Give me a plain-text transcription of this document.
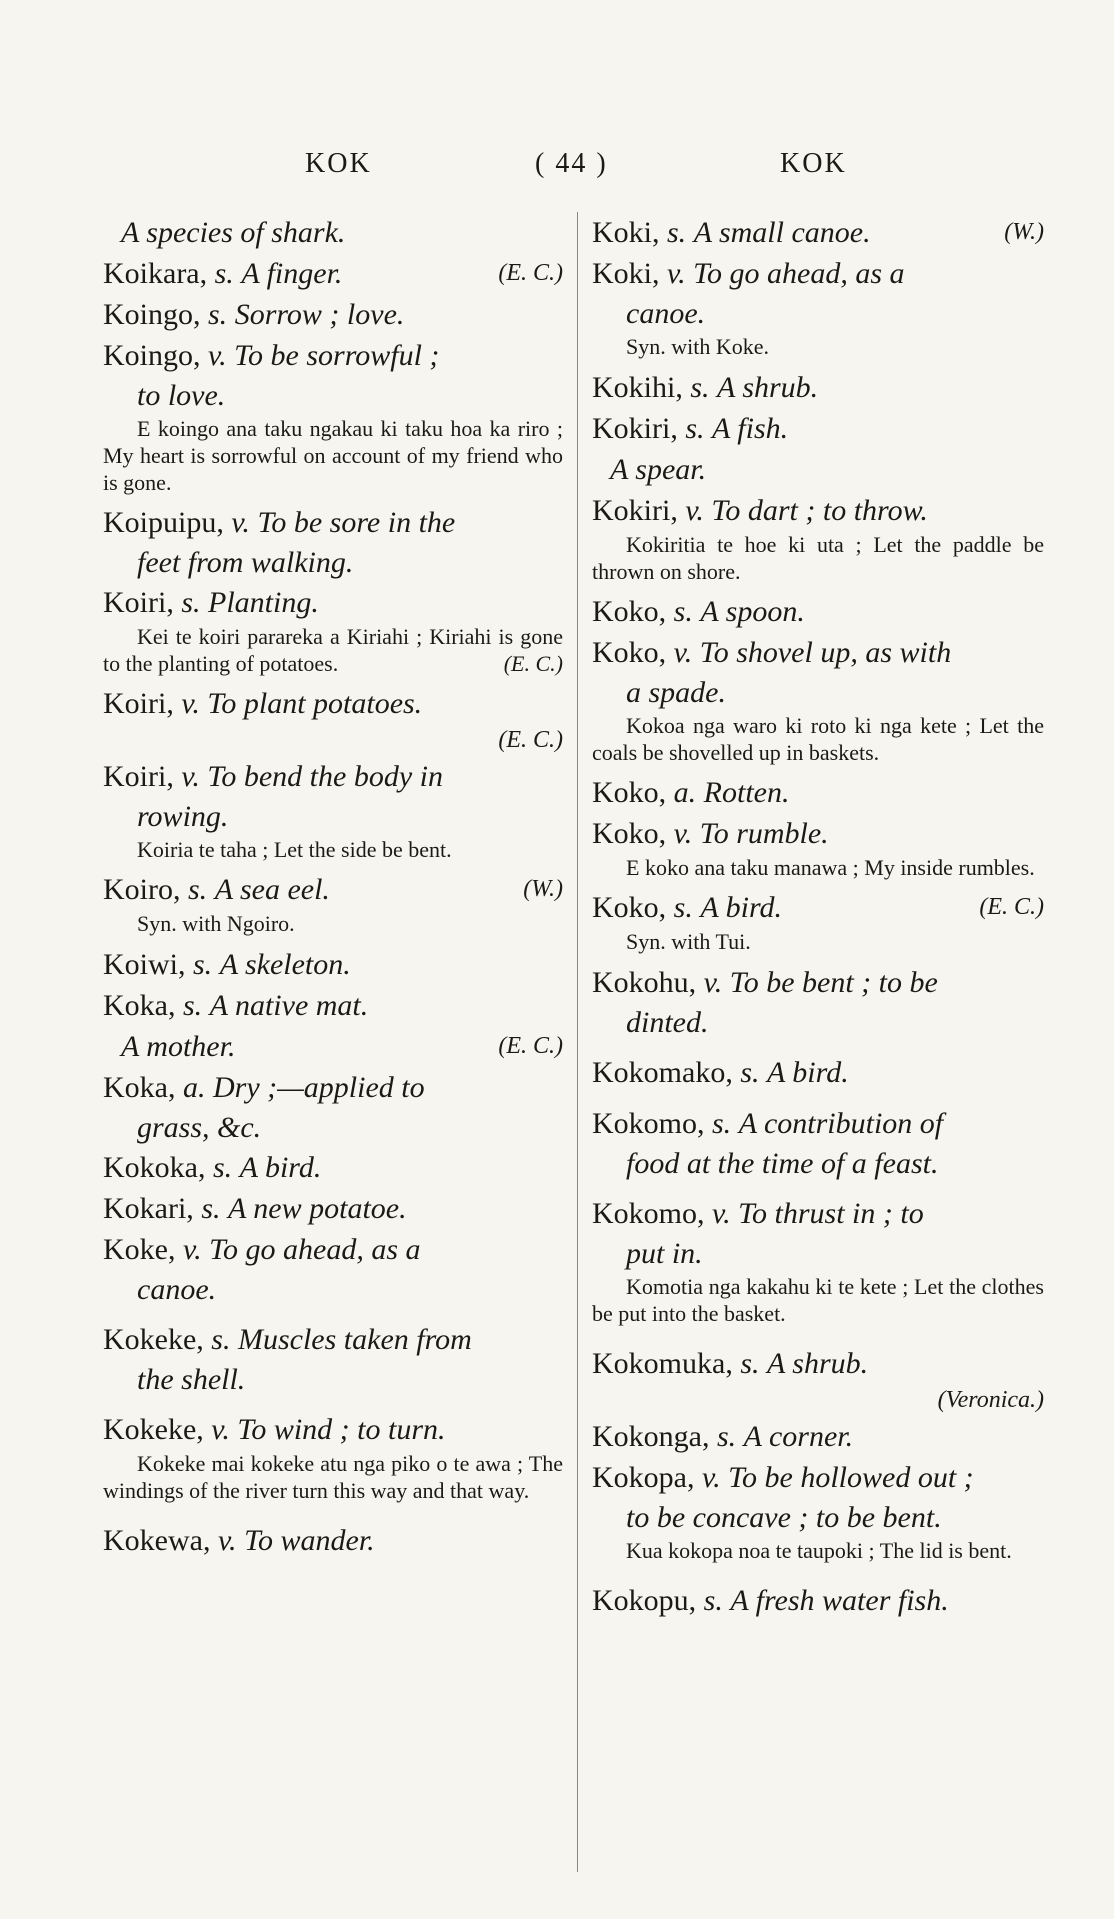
KOK	( 44 )	KOK
A species of shark.
(E. C.)
Koikara, s. A finger.
Koingo, s. Sorrow ; love.
Koingo, v. To be sorrowful ;
to love.
E koingo ana taku ngakau ki taku hoa ka riro ; My heart is sorrowful on account of my friend who is gone.
Koipuipu, v. To be sore in the
feet from walking.
Koiri, s. Planting.
Kei te koiri parareka a Kiriahi ; Kiriahi is gone to the planting of potatoes.	(E. C.)
Koiri, v. To plant potatoes.
(E. C.)
Koiri, v. To bend the body in
rowing.
Koiria te taha ; Let the side be bent.
(W.)
Koiro, s. A sea eel.
Syn. with Ngoiro.
Koiwi, s. A skeleton.
Koka, s. A native mat.
(E. C.)
A mother.
Koka, a. Dry ;—applied to
grass, &c.
Kokoka, s. A bird.
Kokari, s. A new potatoe.
Koke, v. To go ahead, as a
canoe.
Kokeke, s. Muscles taken from
the shell.
Kokeke, v. To wind ; to turn.
Kokeke mai kokeke atu nga piko o te awa ; The windings of the river turn this way and that way.
Kokewa, v. To wander.
(W.)
Koki, s. A small canoe.
Koki, v. To go ahead, as a
canoe.
Syn. with Koke.
Kokihi, s. A shrub.
Kokiri, s. A fish.
A spear.
Kokiri, v. To dart ; to throw.
Kokiritia te hoe ki uta ; Let the paddle be thrown on shore.
Koko, s. A spoon.
Koko, v. To shovel up, as with
a spade.
Kokoa nga waro ki roto ki nga kete ; Let the coals be shovelled up in baskets.
Koko, a. Rotten.
Koko, v. To rumble.
E koko ana taku manawa ; My inside rumbles.
(E. C.)
Koko, s. A bird.
Syn. with Tui.
Kokohu, v. To be bent ; to be
dinted.
Kokomako, s. A bird.
Kokomo, s. A contribution of
food at the time of a feast.
Kokomo, v. To thrust in ; to
put in.
Komotia nga kakahu ki te kete ; Let the clothes be put into the basket.
Kokomuka, s. A shrub.
(Veronica.)
Kokonga, s. A corner.
Kokopa, v. To be hollowed out ;
to be concave ; to be bent.
Kua kokopa noa te taupoki ; The lid is bent.
Kokopu, s. A fresh water fish.
